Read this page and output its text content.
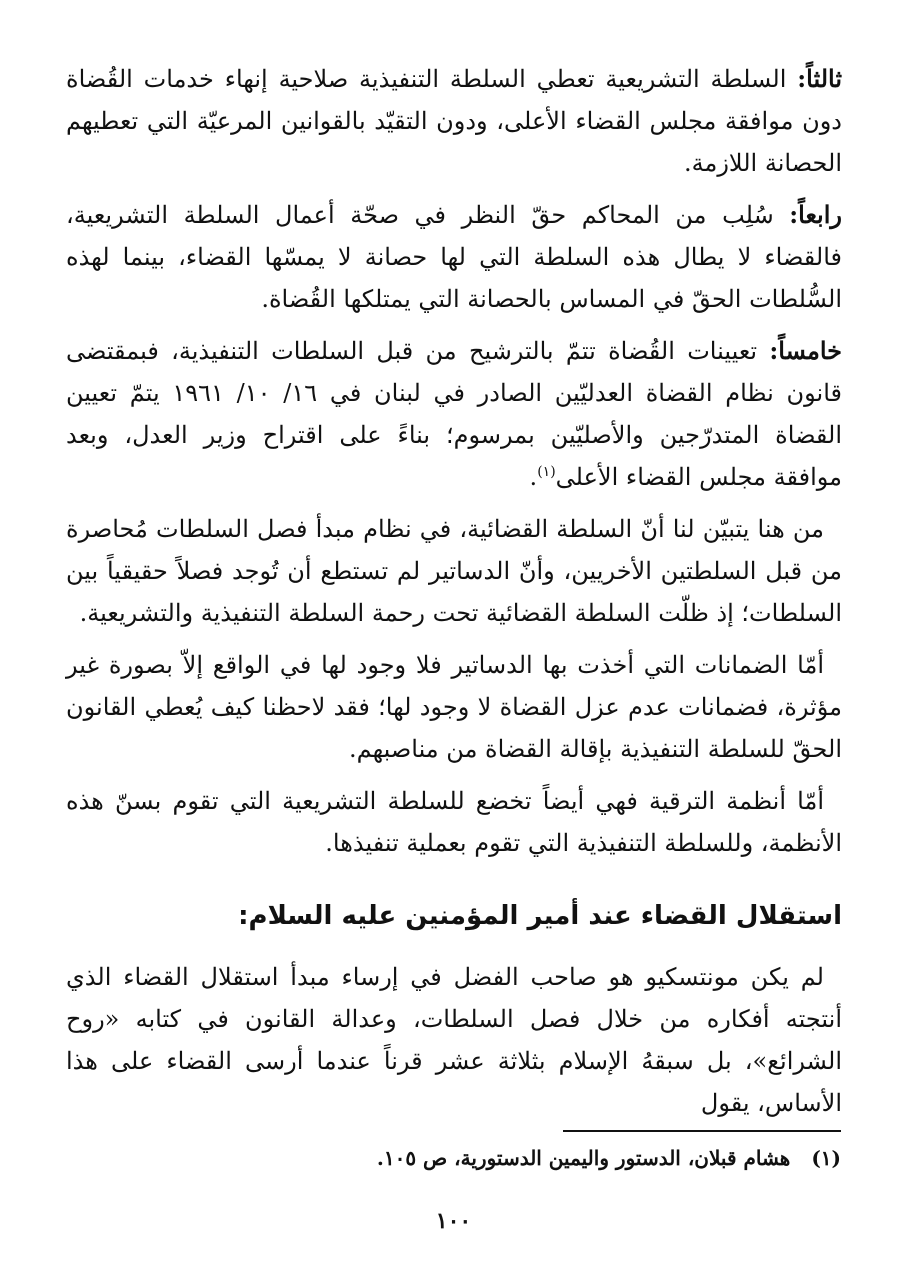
ثالثاً: السلطة التشريعية تعطي السلطة التنفيذية صلاحية إنهاء خدمات القُضاة دون موافقة مجلس القضاء الأعلى، ودون التقيّد بالقوانين المرعيّة التي تعطيهم الحصانة اللازمة.

رابعاً: سُلِب من المحاكم حقّ النظر في صحّة أعمال السلطة التشريعية، فالقضاء لا يطال هذه السلطة التي لها حصانة لا يمسّها القضاء، بينما لهذه السُّلطات الحقّ في المساس بالحصانة التي يمتلكها القُضاة.

خامساً: تعيينات القُضاة تتمّ بالترشيح من قبل السلطات التنفيذية، فبمقتضى قانون نظام القضاة العدليّين الصادر في لبنان في ١٦/ ١٠/ ١٩٦١ يتمّ تعيين القضاة المتدرّجين والأصليّين بمرسوم؛ بناءً على اقتراح وزير العدل، وبعد موافقة مجلس القضاء الأعلى$^{(١)}$.

من هنا يتبيّن لنا أنّ السلطة القضائية، في نظام مبدأ فصل السلطات مُحاصرة من قبل السلطتين الأخريين، وأنّ الدساتير لم تستطع أن تُوجد فصلاً حقيقياً بين السلطات؛ إذ ظلّت السلطة القضائية تحت رحمة السلطة التنفيذية والتشريعية.

أمّا الضمانات التي أخذت بها الدساتير فلا وجود لها في الواقع إلاّ بصورة غير مؤثرة، فضمانات عدم عزل القضاة لا وجود لها؛ فقد لاحظنا كيف يُعطي القانون الحقّ للسلطة التنفيذية بإقالة القضاة من مناصبهم.

أمّا أنظمة الترقية فهي أيضاً تخضع للسلطة التشريعية التي تقوم بسنّ هذه الأنظمة، وللسلطة التنفيذية التي تقوم بعملية تنفيذها.

استقلال القضاء عند أمير المؤمنين عليه السلام:

لم يكن مونتسكيو هو صاحب الفضل في إرساء مبدأ استقلال القضاء الذي أنتجته أفكاره من خلال فصل السلطات، وعدالة القانون في كتابه «روح الشرائع»، بل سبقهُ الإسلام بثلاثة عشر قرناً عندما أرسى القضاء على هذا الأساس، يقول

(١) هشام قبلان، الدستور واليمين الدستورية، ص ١٠٥.
١٠٠
